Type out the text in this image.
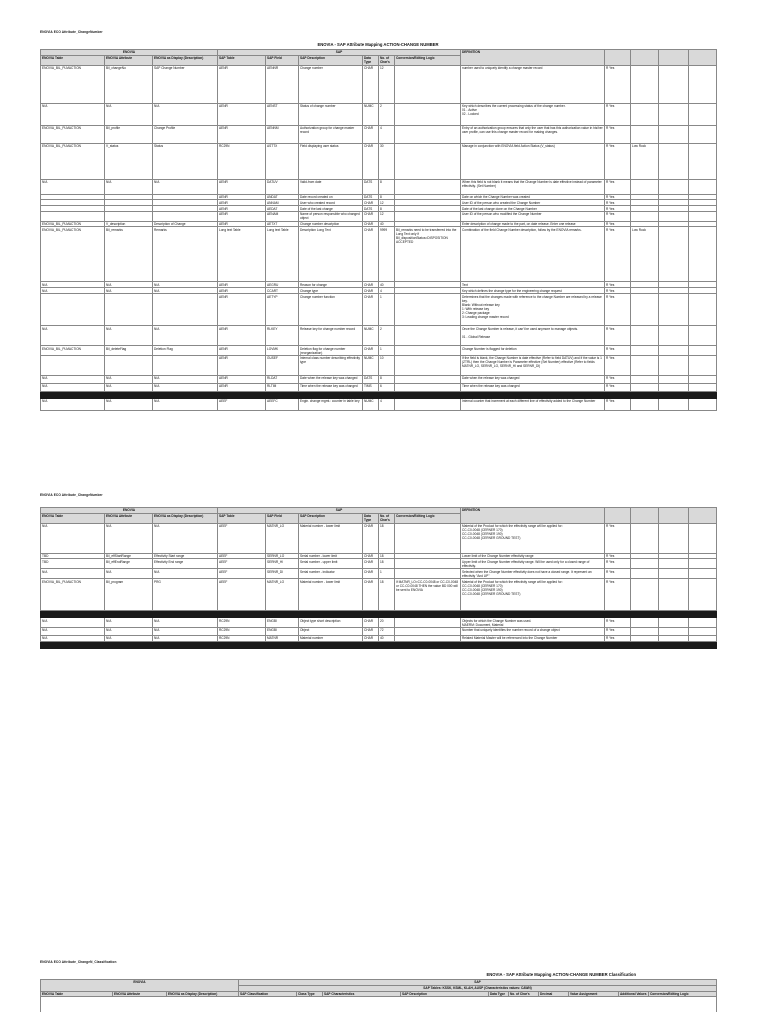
ENOVIA ECO Attribute_ChangeNumber
ENOVIA - SAP Attribute Mapping ACTION-CHANGE NUMBER
ENOVIA			SAP						DEFINITION				
ENOVIA Table	ENOVIA Attribute	ENOVIA as Display (Description)	SAP Table	SAP Field	SAP Description	Data Type	No. of Char's	Conversion/Editing Logic					
ENOVIA_BIL_PLMACTION	Bil_changeNo	SAP Change Number	AENR	AENNR	Change number	CHAR	12		number used to uniquely identify a change master record	R Yes			
N/A	N/A	N/A	AENR	AENST	Status of change number	NUMC	2		Key which describes the current processing status of the change number.
01 - Active
02 - Locked	R Yes			
ENOVIA_BIL_PLMACTION	Bil_profile	Change Profile	AENR	AENNM	Authorization group for change master record	CHAR	4		Entry of an authorization group ensures that only the user that has this authorization value in his/her user profile, can use this change master record for making changes.	R Yes			
ENOVIA_BIL_PLMACTION	V_status	Status	RC29N	ASTTX	Field displaying user status	CHAR	30		Manage in conjunction with ENOVIA field Action Status (V_status)	R Yes	Low Rock		
N/A	N/A	N/A	AENR	DATUV	Valid-from date	DATS	8		When this field is not blank it means that the Change Number is date effective instead of parameter effectivity. (Set Number)	R Yes			
			AENR	ANDAT	Date record created on	DATS	8		Date on which the Change Number was created	R Yes			
			AENR	ANNAM	User who created record	CHAR	12		User ID of the person who created the Change Number	R Yes			
			AENR	AEDAT	Date of the last change	DATS	8		Date of the last change done on the Change Number	R Yes			
			AENR	AENAM	Name of person responsible who changed object	CHAR	12		User ID of the person who modified the Change Number	R Yes			
ENOVIA_BIL_PLMACTION	V_description	Description of Change	AENR	AETXT	Change number description	CHAR	40		Enter description of change made to the part, on date release. Enter one release	R Yes			
ENOVIA_BIL_PLMACTION	Bil_remarks	Remarks	Long text Table	Long text Table	Description Long Text	CHAR	9999	Bil_remarks need to be transferred into the Long Text only if Bil_dispositionStatus=DISPOSITION ACCEPTED	Combination of the field Change Number description, follow by the ENOVIA remarks.	R Yes	Low Rock		
N/A	N/A	N/A	AENR	AEGRU	Reason for change	CHAR	40		Text	R Yes			
N/A	N/A	N/A	AENR	CCART	Change type	CHAR	4		Key which defines the change type for the engineering change request	R Yes			
			AENR	AETYP	Change number function	CHAR	1		Determines that the changes made with reference to the change Number are released by a release key.
Blank: Without release key
1: With release key
2: Change package
3: Leading change master record	R Yes			
N/A	N/A	N/A	AENR	RLKEY	Release key for change number record	NUMC	2		Once the Change Number is release, it can't be used anymore to manage objects.

01 - Global Release	R Yes			
ENOVIA_BIL_PLMACTION	Bil_deleteFlag	Deletion Flag	AENR	LOVMK	Deletion flag for change number (reorganization)	CHAR	1		Change Number is flagged for deletion	R Yes			
			AENR	GUSEF	Internal class number describing effectivity type	NUMC	10		If the field is blank, the Change Number is date effective (Refer to field DATUV) and if the value is 1 (ZTRL) then the Change Number is Parameter effective (Set Number) effective (Refer to fields MATNR_LO, SERNR_LO, SERNR_HI and SERNR_DI)	R Yes			
N/A	N/A	N/A	AENR	RLDAT	Date when the release key was changed	DATS	8		Date when the release key was changed	R Yes			
N/A	N/A	N/A	AENR	RLTIM	Time when the release key was changed	TIMS	6		Time when the release key was changed	R Yes			

N/A	N/A	N/A	AEEF	AEEFC	Engin. change mgmt.: counter in table key	NUMC	4		Internal counter that increment at each different line of effectivity added to the Change Number	R Yes			
ENOVIA ECO Attribute_ChangeNumber
ENOVIA			SAP						DEFINITION				
ENOVIA Table	ENOVIA Attribute	ENOVIA as Display (Description)	SAP Table	SAP Field	SAP Description	Data Type	No. of Char's	Conversion/Editing Logic					
N/A	N/A	N/A	AEEF	MATNR_LO	Material number - lower limit	CHAR	18		Material of the Product for which the effectivity range will be applied for:
CC-C0-0048 (CERNER 170)
CC-C0-0048 (CERNER 190)
CC-C0-0048 (CERNER GROUND TEST)	R Yes			
TBD	Bil_effStartRange	Effectivity Start range	AEEF	SERNR_LO	Serial number - lower limit	CHAR	18		Lower limit of the Change Number effectivity range	R Yes			
TBD	Bil_effEndRange	Effectivity End range	AEEF	SERNR_HI	Serial number - upper limit	CHAR	18		Upper limit of the Change Number effectivity range. Will be used only for a closed range of effectivity.	R Yes			
N/A	N/A	N/A	AEEF	SERNR_DI	Serial number - indicator	CHAR	1		Selected when the Change Number effectivity does not have a closed range. It represent an effectivity "And UP"	R Yes			
ENOVIA_BIL_PLMACTION	Bil_program	PRG	AEEF	MATNR_LO	Material number - lower limit	CHAR	18	If MATNR_LO=CC-C0-0048 or CC-C0-0048 or CC-C0-0048 THEN the value BD 000 will be sent to ENOVIA	Material of the Product for which the effectivity range will be applied for:
CC-C0-0048 (CERNER 170)
CC-C0-0048 (CERNER 190)
CC-C0-0048 (CERNER GROUND TEST)	R Yes			

N/A	N/A	N/A	RC29N	ENGBI	Object type short description	CHAR	20		Objects for which the Change Number was used.
MAERM: Document, Material	R Yes			
N/A	N/A	N/A	RC29N	ENGBI	Object	CHAR	72		Number that uniquely identifies the number record of a change object	R Yes			
N/A	N/A	N/A	RC29N	MATNR	Material number	CHAR	40		Related Material Master will be referenced into the Change Number	R Yes			

ENOVIA ECO Attribute_ChangeN_Classification
ENOVIA - SAP Attribute Mapping ACTION-CHANGE NUMBER Classification
ENOVIA			SAP									
			SAP Tables: KSSK, KSML, KLAH, AUSP (Characteristics values: CAWN)									
ENOVIA Table	ENOVIA Attribute	ENOVIA as Display (Description)	SAP Classification	Class Type	SAP Characteristics	SAP Description	Data Type	No. of Char's	Decimal	Value Assignment	Additional Values	Conversion/Editing Logic
